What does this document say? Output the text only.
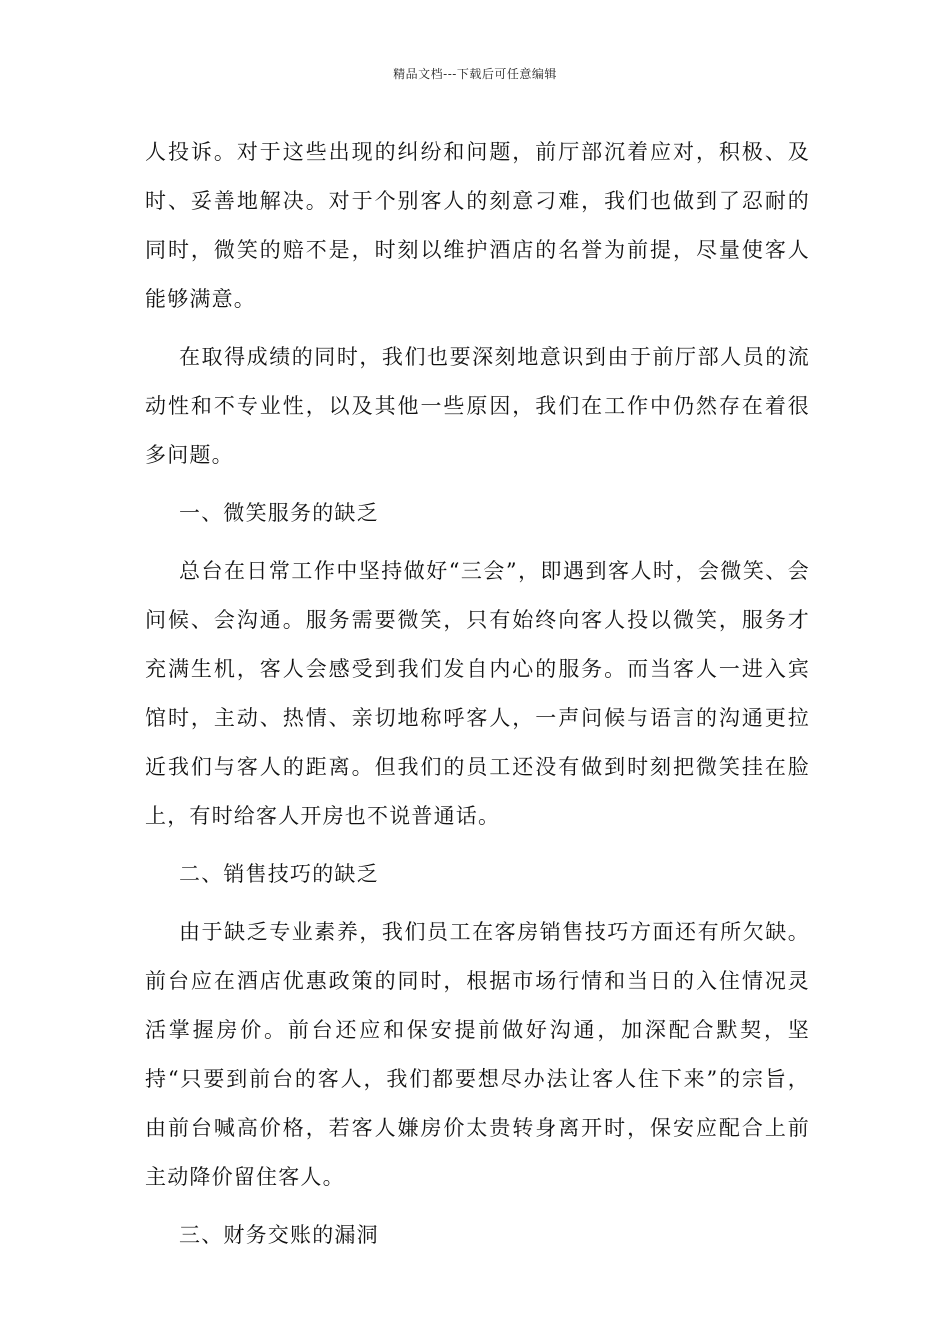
精品文档---下载后可任意编辑

人投诉。对于这些出现的纠纷和问题，前厅部沉着应对，积极、及时、妥善地解决。对于个别客人的刻意刁难，我们也做到了忍耐的同时，微笑的赔不是，时刻以维护酒店的名誉为前提，尽量使客人能够满意。

在取得成绩的同时，我们也要深刻地意识到由于前厅部人员的流动性和不专业性，以及其他一些原因，我们在工作中仍然存在着很多问题。

一、微笑服务的缺乏

总台在日常工作中坚持做好“三会”，即遇到客人时，会微笑、会问候、会沟通。服务需要微笑，只有始终向客人投以微笑，服务才充满生机，客人会感受到我们发自内心的服务。而当客人一进入宾馆时，主动、热情、亲切地称呼客人，一声问候与语言的沟通更拉近我们与客人的距离。但我们的员工还没有做到时刻把微笑挂在脸上，有时给客人开房也不说普通话。

二、销售技巧的缺乏

由于缺乏专业素养，我们员工在客房销售技巧方面还有所欠缺。前台应在酒店优惠政策的同时，根据市场行情和当日的入住情况灵活掌握房价。前台还应和保安提前做好沟通，加深配合默契，坚持“只要到前台的客人，我们都要想尽办法让客人住下来”的宗旨，由前台喊高价格，若客人嫌房价太贵转身离开时，保安应配合上前主动降价留住客人。

三、财务交账的漏洞
